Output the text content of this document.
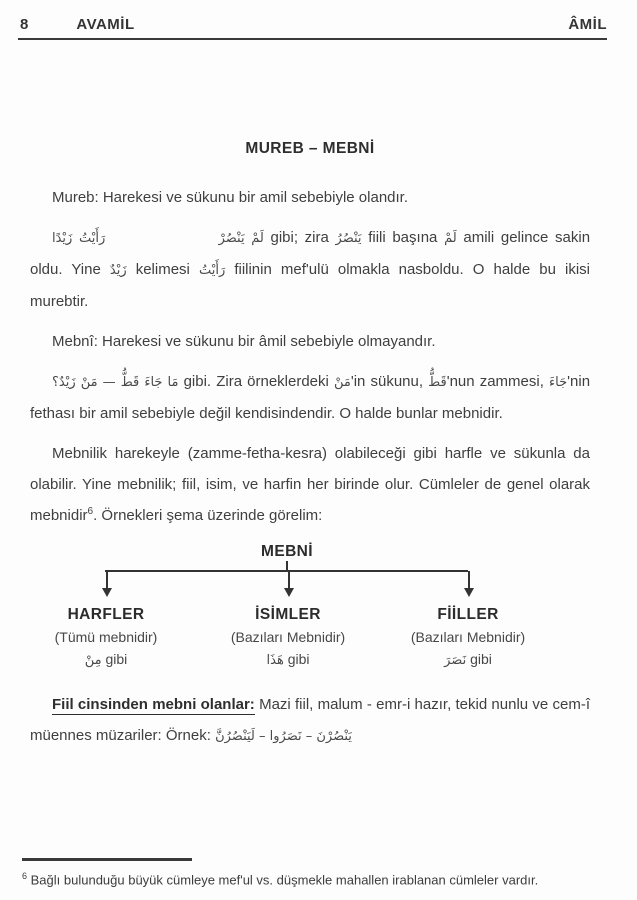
8	AVAMİL	ÂMİL
MUREB – MEBNİ

Mureb: Harekesi ve sükunu bir amil sebebiyle olandır.

رَأَيْتُ زَيْدًا	لَمْ يَنْصُرْ gibi; zira يَنْصُرُ fiili başına لَمْ amili gelince sakin oldu. Yine زَيْدٌ kelimesi رَأَيْتُ fiilinin mef'ulü olmakla nasboldu. O halde bu ikisi murebtir.

Mebnî: Harekesi ve sükunu bir âmil sebebiyle olmayandır.

مَا جَاءَ قَطُّ — مَنْ زَيْدٌ؟ gibi. Zira örneklerdeki مَنْ'in sükunu, قَطُّ'nun zammesi, جَاءَ'nin fethası bir amil sebebiyle değil kendisindendir. O halde bunlar mebnidir.

Mebnilik harekeyle (zamme-fetha-kesra) olabileceği gibi harfle ve sükunla da olabilir. Yine mebnilik; fiil, isim, ve harfin her birinde olur. Cümleler de genel olarak mebnidir$^6$. Örnekleri şema üzerinde görelim:

MEBNİ
HARFLER	İSİMLER	FİİLLER
(Tümü mebnidir)	(Bazıları Mebnidir)	(Bazıları Mebnidir)
مِنْ gibi	هَذَا gibi	نَصَرَ gibi

Fiil cinsinden mebni olanlar: Mazi fiil, malum - emr-i hazır, tekid nunlu ve cem-î müennes müzariler: Örnek: يَنْصُرْنَ – نَصَرُوا – لَيَنْصُرُنَّ

$^6$ Bağlı bulunduğu büyük cümleye mef'ul vs. düşmekle mahallen irablanan cümleler vardır.
